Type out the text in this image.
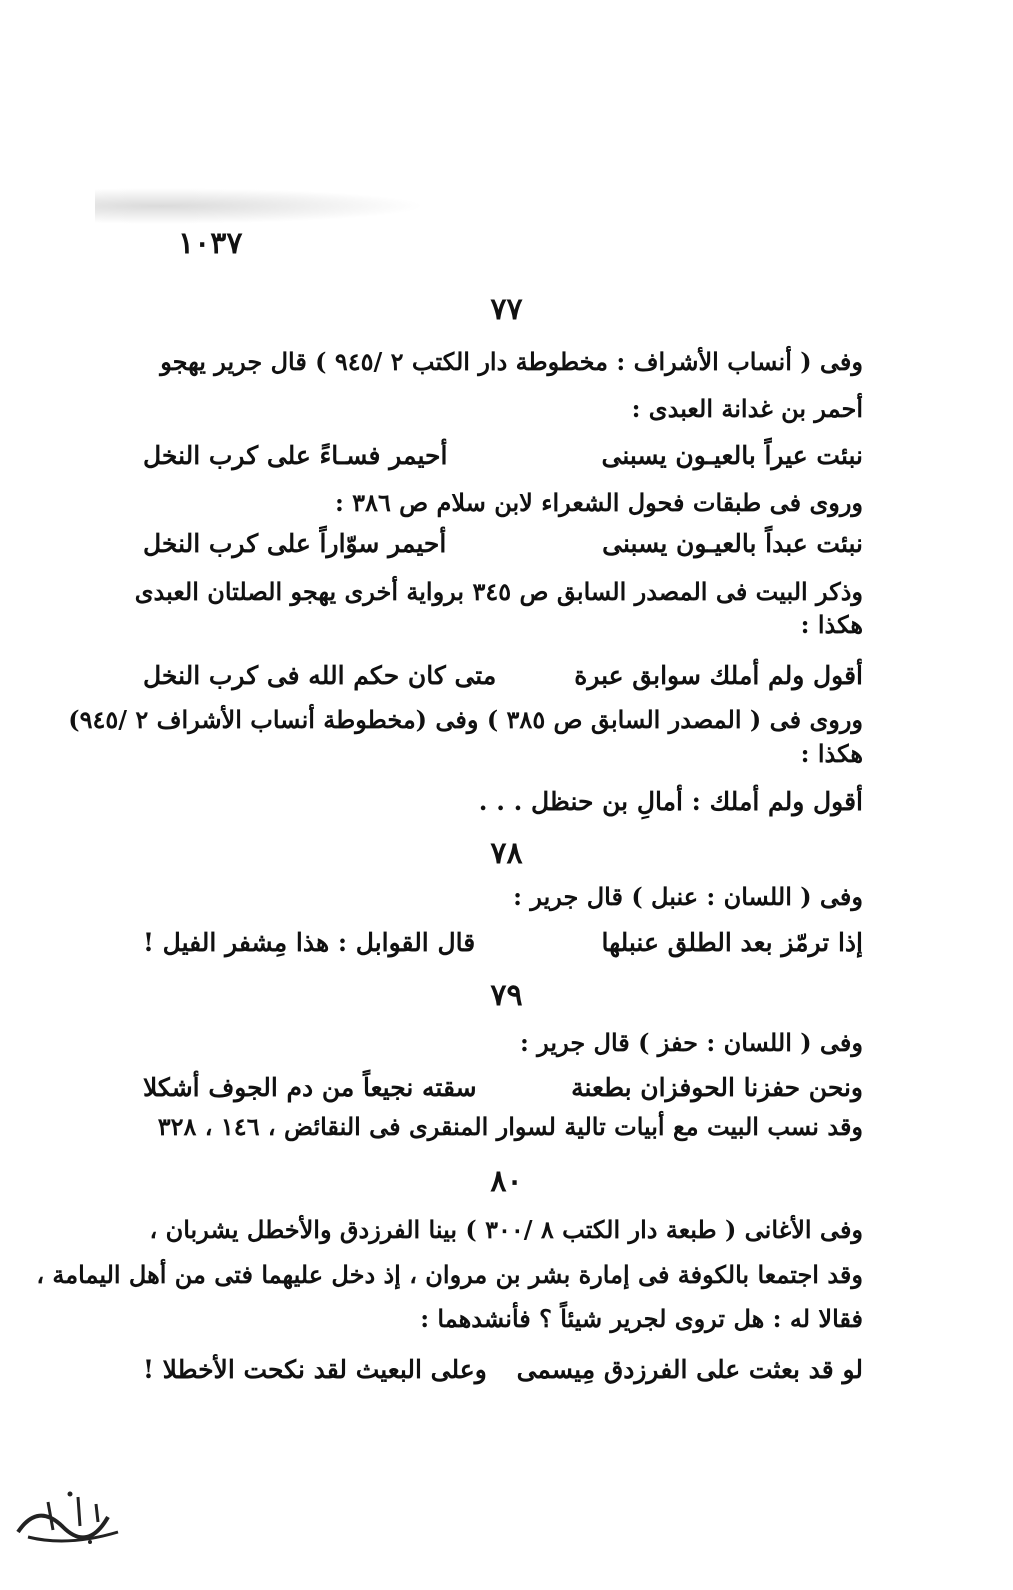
١٠٣٧
٧٧
وفى ( أنساب الأشراف : مخطوطة دار الكتب ٢ /٩٤٥ ) قال جرير يهجو
أحمر بن غدانة العبدى :
نبئت عيراً بالعيـون يسبنى
أحيمر فسـاءً على كرب النخل
وروى فى طبقات فحول الشعراء لابن سلام ص ٣٨٦ :
نبئت عبداً بالعيـون يسبنى
أحيمر سوّاراً على كرب النخل
وذكر البيت فى المصدر السابق ص ٣٤٥ برواية أخرى يهجو الصلتان العبدى
هكذا :
أقول ولم أملك سوابق عبرة
متى كان حكم الله فى كرب النخل
وروى فى ( المصدر السابق ص ٣٨٥ ) وفى (مخطوطة أنساب الأشراف ٢ /٩٤٥)
هكذا :
أقول ولم أملك : أمالِ بن حنظل . . .
٧٨
وفى ( اللسان : عنبل ) قال جرير :
إذا ترمّز بعد الطلق عنبلها
قال القوابل : هذا مِشفر الفيل !
٧٩
وفى ( اللسان : حفز ) قال جرير :
ونحن حفزنا الحوفزان بطعنة
سقته نجيعاً من دم الجوف أشكلا
وقد نسب البيت مع أبيات تالية لسوار المنقرى فى النقائض ، ١٤٦ ، ٣٢٨
٨٠
وفى الأغانى ( طبعة دار الكتب ٨ /٣٠٠ ) بينا الفرزدق والأخطل يشربان ،
وقد اجتمعا بالكوفة فى إمارة بشر بن مروان ، إذ دخل عليهما فتى من أهل اليمامة ،
فقالا له : هل تروى لجرير شيئاً ؟ فأنشدهما :
لو قد بعثت على الفرزدق مِيسمى
وعلى البعيث لقد نكحت الأخطلا !
